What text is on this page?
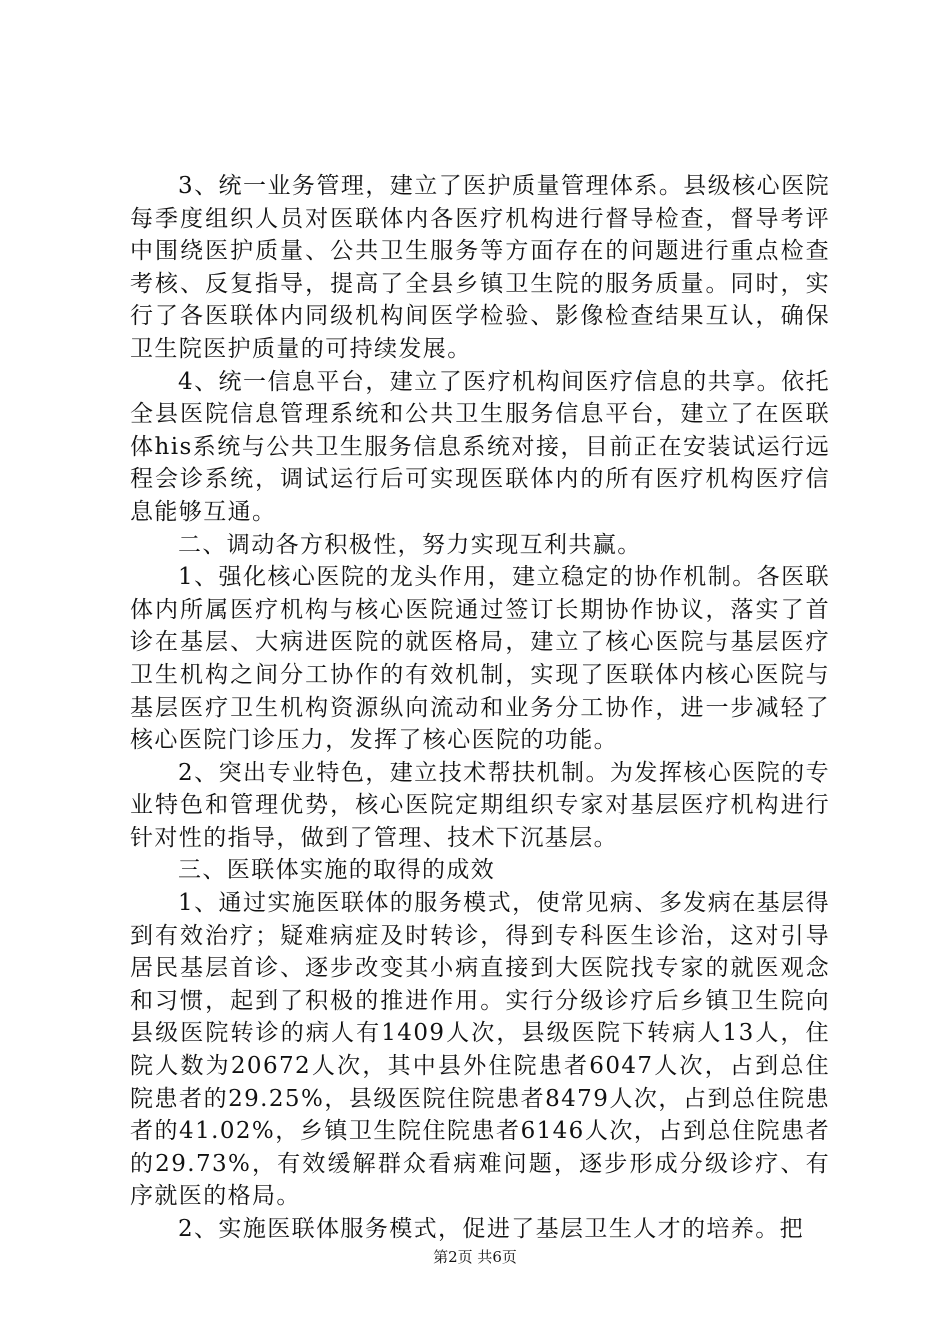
3、统一业务管理，建立了医护质量管理体系。县级核心医院每季度组织人员对医联体内各医疗机构进行督导检查，督导考评中围绕医护质量、公共卫生服务等方面存在的问题进行重点检查考核、反复指导，提高了全县乡镇卫生院的服务质量。同时，实行了各医联体内同级机构间医学检验、影像检查结果互认，确保卫生院医护质量的可持续发展。

4、统一信息平台，建立了医疗机构间医疗信息的共享。依托全县医院信息管理系统和公共卫生服务信息平台，建立了在医联体his系统与公共卫生服务信息系统对接，目前正在安装试运行远程会诊系统，调试运行后可实现医联体内的所有医疗机构医疗信息能够互通。

二、调动各方积极性，努力实现互利共赢。

1、强化核心医院的龙头作用，建立稳定的协作机制。各医联体内所属医疗机构与核心医院通过签订长期协作协议，落实了首诊在基层、大病进医院的就医格局，建立了核心医院与基层医疗卫生机构之间分工协作的有效机制，实现了医联体内核心医院与基层医疗卫生机构资源纵向流动和业务分工协作，进一步减轻了核心医院门诊压力，发挥了核心医院的功能。

2、突出专业特色，建立技术帮扶机制。为发挥核心医院的专业特色和管理优势，核心医院定期组织专家对基层医疗机构进行针对性的指导，做到了管理、技术下沉基层。

三、医联体实施的取得的成效

1、通过实施医联体的服务模式，使常见病、多发病在基层得到有效治疗；疑难病症及时转诊，得到专科医生诊治，这对引导居民基层首诊、逐步改变其小病直接到大医院找专家的就医观念和习惯，起到了积极的推进作用。实行分级诊疗后乡镇卫生院向县级医院转诊的病人有1409人次，县级医院下转病人13人，住院人数为20672人次，其中县外住院患者6047人次，占到总住院患者的29.25%，县级医院住院患者8479人次，占到总住院患者的41.02%，乡镇卫生院住院患者6146人次，占到总住院患者的29.73%，有效缓解群众看病难问题，逐步形成分级诊疗、有序就医的格局。

2、实施医联体服务模式，促进了基层卫生人才的培养。把

第2页 共6页
